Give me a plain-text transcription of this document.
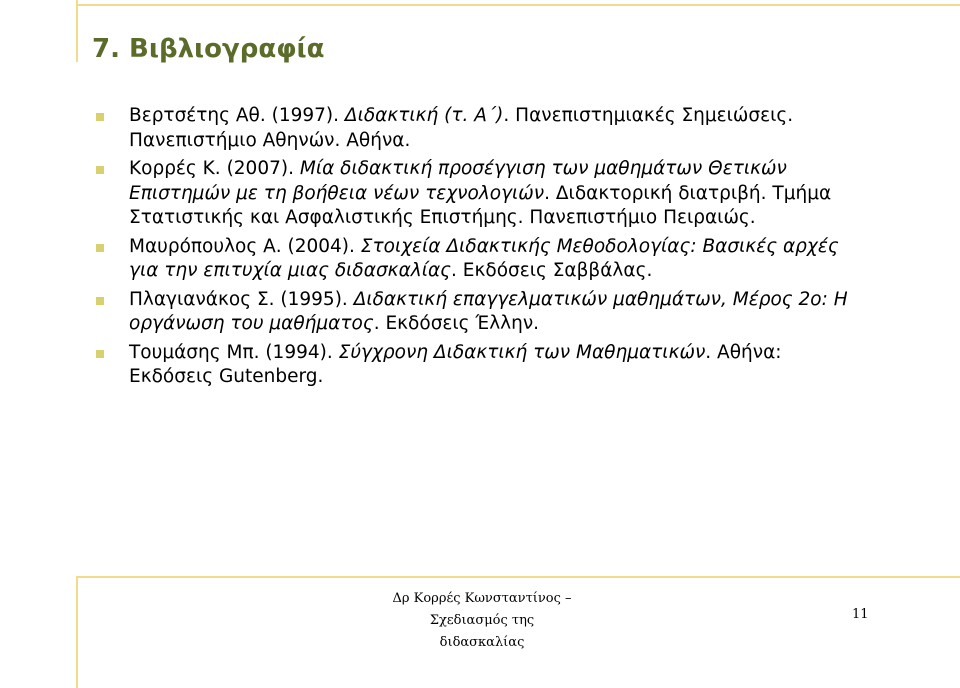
7. Βιβλιογραφία
Βερτσέτης Αθ. (1997). Διδακτική (τ. Α΄). Πανεπιστημιακές Σημειώσεις. Πανεπιστήμιο Αθηνών. Αθήνα.
Κορρές Κ. (2007). Μία διδακτική προσέγγιση των μαθημάτων Θετικών Επιστημών με τη βοήθεια νέων τεχνολογιών. Διδακτορική διατριβή. Τμήμα Στατιστικής και Ασφαλιστικής Επιστήμης. Πανεπιστήμιο Πειραιώς.
Μαυρόπουλος Α. (2004). Στοιχεία Διδακτικής Μεθοδολογίας: Βασικές αρχές για την επιτυχία μιας διδασκαλίας. Εκδόσεις Σαββάλας.
Πλαγιανάκος Σ. (1995). Διδακτική επαγγελματικών μαθημάτων, Μέρος 2ο: Η οργάνωση του μαθήματος. Εκδόσεις Έλλην.
Τουμάσης Μπ. (1994). Σύγχρονη Διδακτική των Μαθηματικών. Αθήνα: Εκδόσεις Gutenberg.
Δρ Κορρές Κωνσταντίνος – Σχεδιασμός της
διδασκαλίας
11
